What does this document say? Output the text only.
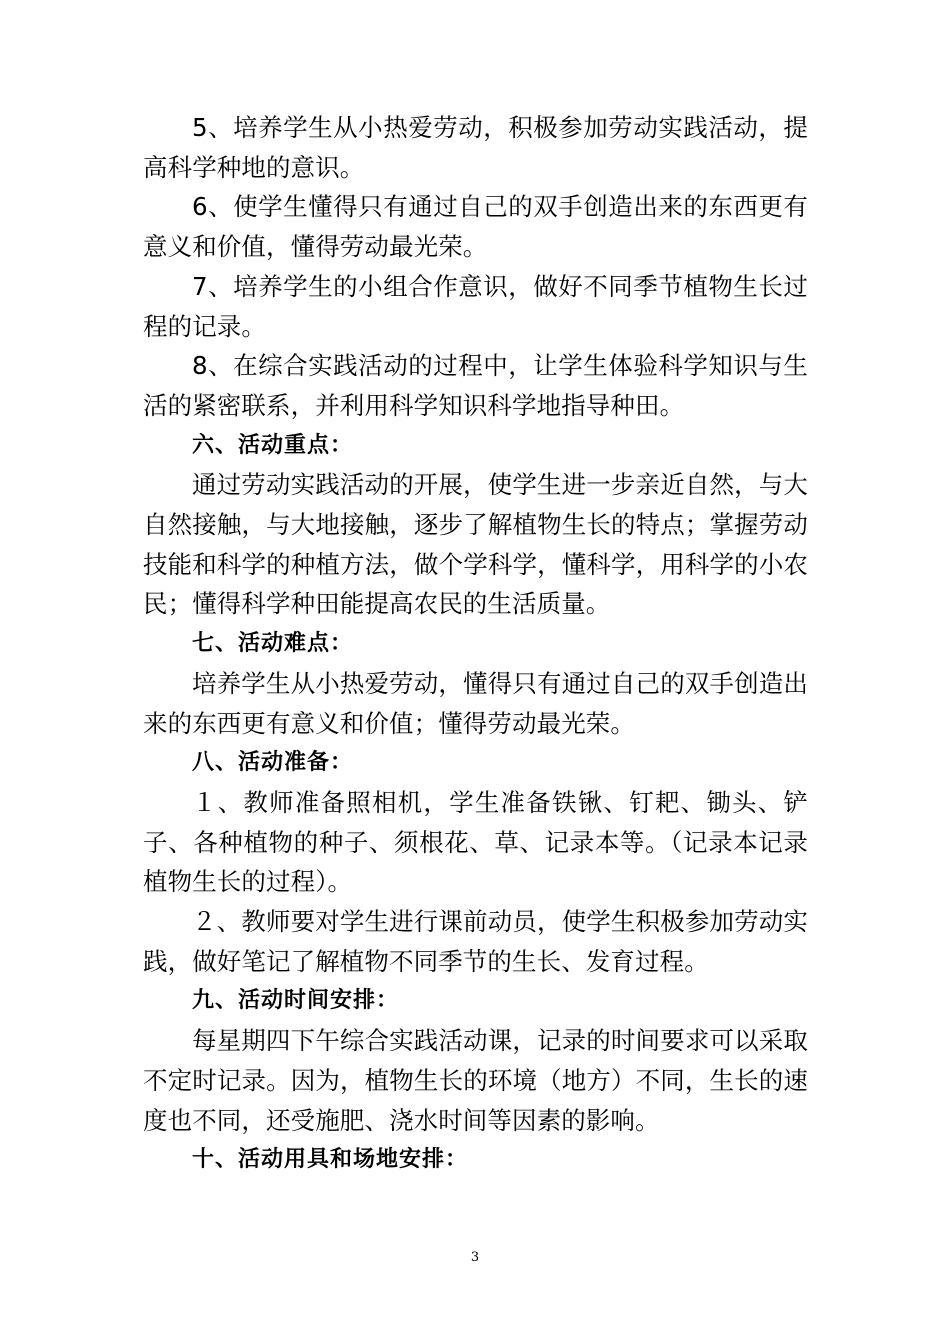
5、培养学生从小热爱劳动，积极参加劳动实践活动，提高科学种地的意识。

6、使学生懂得只有通过自己的双手创造出来的东西更有意义和价值，懂得劳动最光荣。

7、培养学生的小组合作意识，做好不同季节植物生长过程的记录。

8、在综合实践活动的过程中，让学生体验科学知识与生活的紧密联系，并利用科学知识科学地指导种田。

六、活动重点：

通过劳动实践活动的开展，使学生进一步亲近自然，与大自然接触，与大地接触，逐步了解植物生长的特点；掌握劳动技能和科学的种植方法，做个学科学，懂科学，用科学的小农民；懂得科学种田能提高农民的生活质量。

七、活动难点：

培养学生从小热爱劳动，懂得只有通过自己的双手创造出来的东西更有意义和价值；懂得劳动最光荣。

八、活动准备：

１、教师准备照相机，学生准备铁锹、钉耙、锄头、铲子、各种植物的种子、须根花、草、记录本等。（记录本记录植物生长的过程）。

２、教师要对学生进行课前动员，使学生积极参加劳动实践，做好笔记了解植物不同季节的生长、发育过程。

九、活动时间安排：

每星期四下午综合实践活动课，记录的时间要求可以采取不定时记录。因为，植物生长的环境（地方）不同，生长的速度也不同，还受施肥、浇水时间等因素的影响。

十、活动用具和场地安排：

3
